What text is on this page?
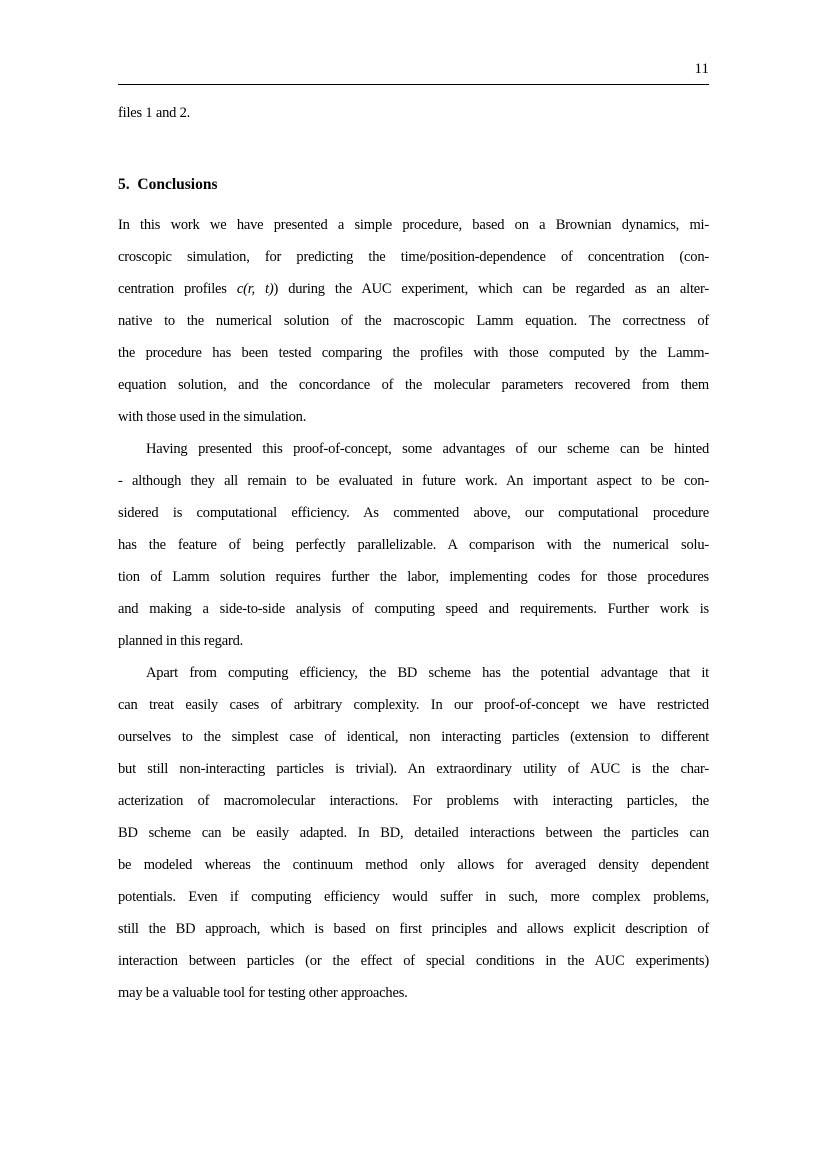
11

files 1 and 2.

5.  Conclusions
In this work we have presented a simple procedure, based on a Brownian dynamics, mi-
croscopic simulation, for predicting the time/position-dependence of concentration (con-
centration profiles c(r, t)) during the AUC experiment, which can be regarded as an alter-
native to the numerical solution of the macroscopic Lamm equation. The correctness of
the procedure has been tested comparing the profiles with those computed by the Lamm-
equation solution, and the concordance of the molecular parameters recovered from them
with those used in the simulation.
Having presented this proof-of-concept, some advantages of our scheme can be hinted
- although they all remain to be evaluated in future work. An important aspect to be con-
sidered is computational efficiency. As commented above, our computational procedure
has the feature of being perfectly parallelizable. A comparison with the numerical solu-
tion of Lamm solution requires further the labor, implementing codes for those procedures
and making a side-to-side analysis of computing speed and requirements. Further work is
planned in this regard.
Apart from computing efficiency, the BD scheme has the potential advantage that it
can treat easily cases of arbitrary complexity. In our proof-of-concept we have restricted
ourselves to the simplest case of identical, non interacting particles (extension to different
but still non-interacting particles is trivial). An extraordinary utility of AUC is the char-
acterization of macromolecular interactions. For problems with interacting particles, the
BD scheme can be easily adapted. In BD, detailed interactions between the particles can
be modeled whereas the continuum method only allows for averaged density dependent
potentials. Even if computing efficiency would suffer in such, more complex problems,
still the BD approach, which is based on first principles and allows explicit description of
interaction between particles (or the effect of special conditions in the AUC experiments)
may be a valuable tool for testing other approaches.
